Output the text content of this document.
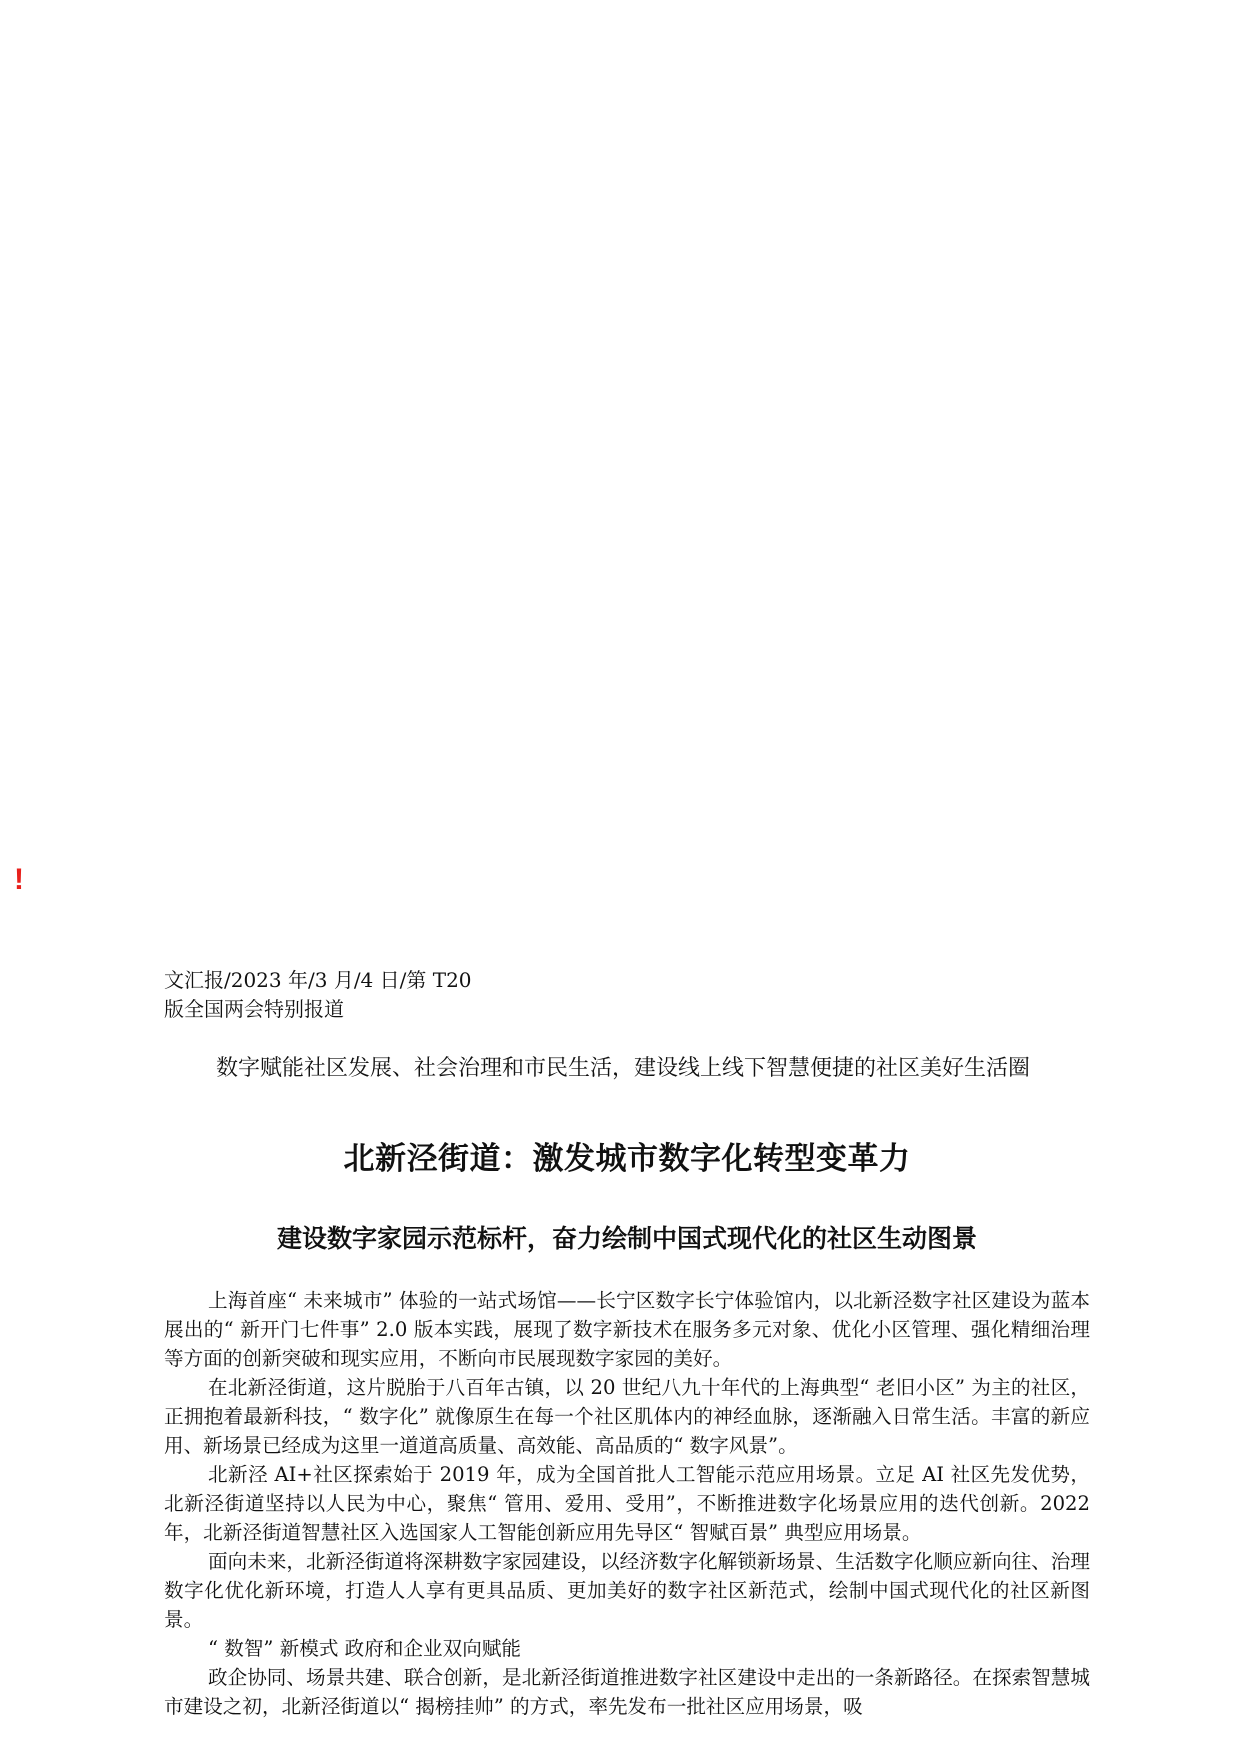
!
文汇报/2023 年/3 月/4 日/第 T20
版全国两会特别报道

数字赋能社区发展、社会治理和市民生活，建设线上线下智慧便捷的社区美好生活圈

北新泾街道：激发城市数字化转型变革力
建设数字家园示范标杆，奋力绘制中国式现代化的社区生动图景

上海首座“ 未来城市” 体验的一站式场馆——长宁区数字长宁体验馆内，以北新泾数字社区建设为蓝本展出的“ 新开门七件事” 2.0 版本实践，展现了数字新技术在服务多元对象、优化小区管理、强化精细治理等方面的创新突破和现实应用，不断向市民展现数字家园的美好。

在北新泾街道，这片脱胎于八百年古镇，以 20 世纪八九十年代的上海典型“ 老旧小区” 为主的社区，正拥抱着最新科技，“ 数字化” 就像原生在每一个社区肌体内的神经血脉，逐渐融入日常生活。丰富的新应用、新场景已经成为这里一道道高质量、高效能、高品质的“ 数字风景”。

北新泾 AI+社区探索始于 2019 年，成为全国首批人工智能示范应用场景。立足 AI 社区先发优势，北新泾街道坚持以人民为中心，聚焦“ 管用、爱用、受用”，不断推进数字化场景应用的迭代创新。2022 年，北新泾街道智慧社区入选国家人工智能创新应用先导区“ 智赋百景” 典型应用场景。

面向未来，北新泾街道将深耕数字家园建设，以经济数字化解锁新场景、生活数字化顺应新向往、治理数字化优化新环境，打造人人享有更具品质、更加美好的数字社区新范式，绘制中国式现代化的社区新图景。

“ 数智” 新模式 政府和企业双向赋能

政企协同、场景共建、联合创新，是北新泾街道推进数字社区建设中走出的一条新路径。在探索智慧城市建设之初，北新泾街道以“ 揭榜挂帅” 的方式，率先发布一批社区应用场景，吸
